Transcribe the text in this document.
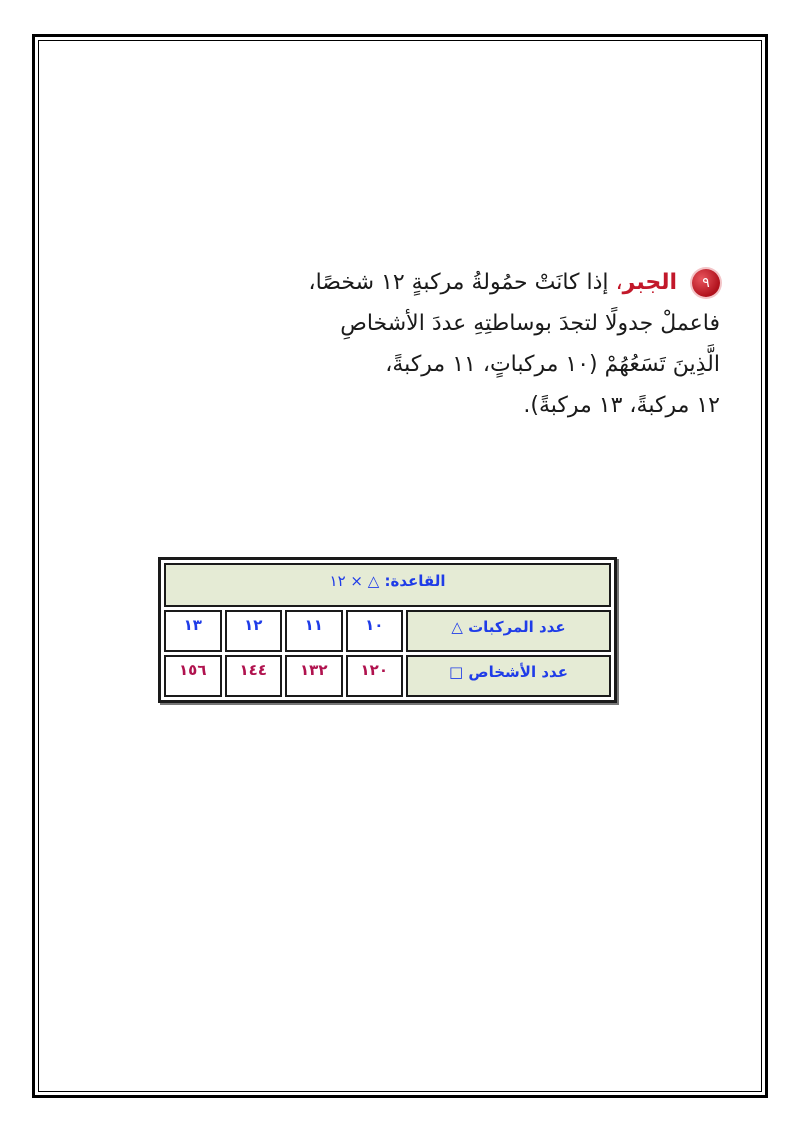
٩ الجبر، إذا كانَتْ حمُولةُ مركبةٍ ١٢ شخصًا،
فاعملْ جدولًا لتجدَ بوساطتِهِ عددَ الأشخاصِ
الَّذِينَ تَسَعُهُمْ (١٠ مركباتٍ، ١١ مركبةً،
١٢ مركبةً، ١٣ مركبةً).
القاعدة: △ × ١٢				
عدد المركبات △	١٠	١١	١٢	١٣
عدد الأشخاص □	١٢٠	١٣٢	١٤٤	١٥٦
